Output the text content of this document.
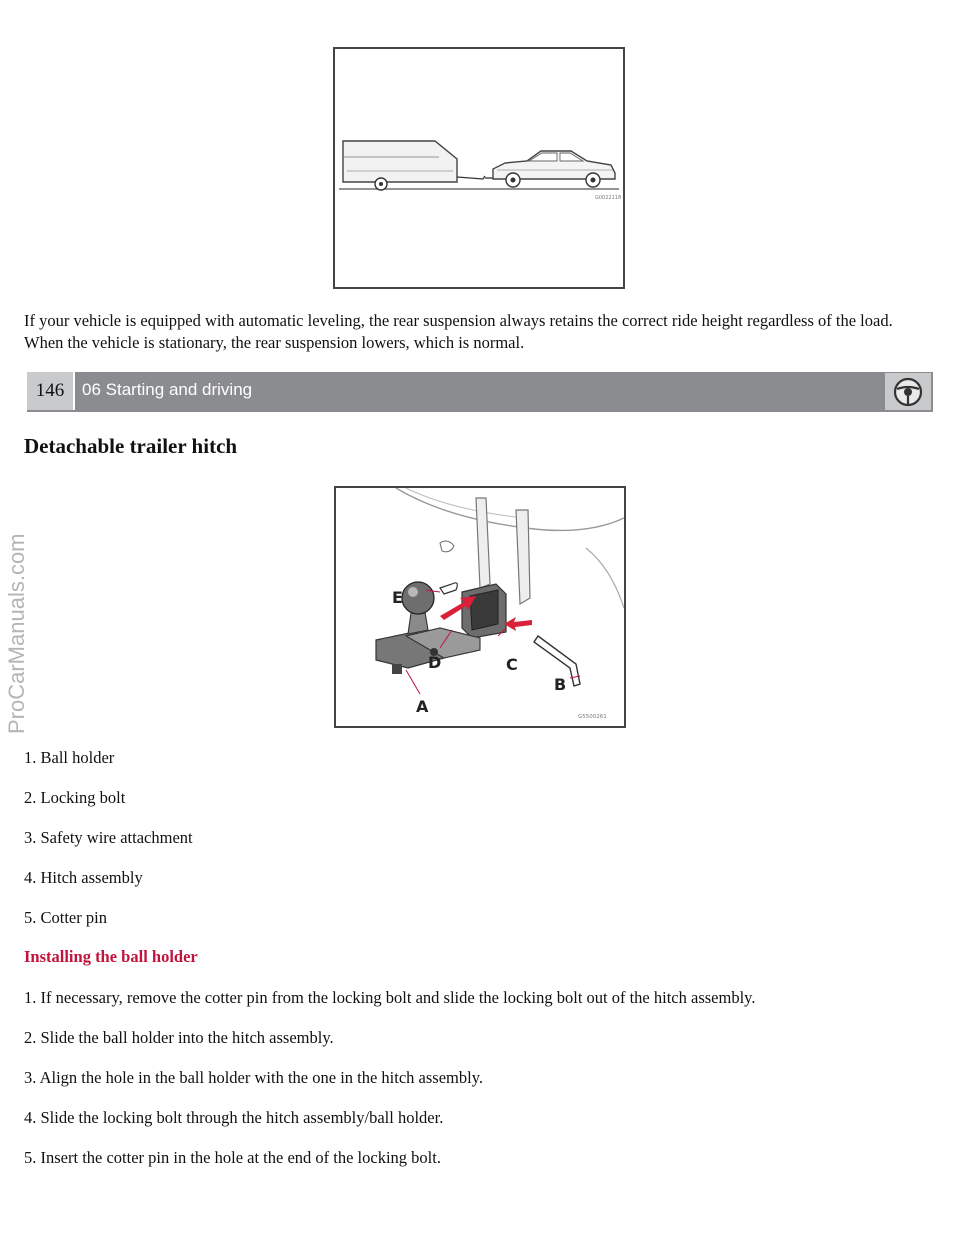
G0022118

If your vehicle is equipped with automatic leveling, the rear suspension always retains the correct ride height regardless of the load. When the vehicle is stationary, the rear suspension lowers, which is normal.

146	06 Starting and driving
Detachable trailer hitch
E
D	C
B
A
G5500261
ProCarManuals.com
1. Ball holder
2. Locking bolt
3. Safety wire attachment
4. Hitch assembly
5. Cotter pin
Installing the ball holder
1. If necessary, remove the cotter pin from the locking bolt and slide the locking bolt out of the hitch assembly.
2. Slide the ball holder into the hitch assembly.
3. Align the hole in the ball holder with the one in the hitch assembly.
4. Slide the locking bolt through the hitch assembly/ball holder.
5. Insert the cotter pin in the hole at the end of the locking bolt.
